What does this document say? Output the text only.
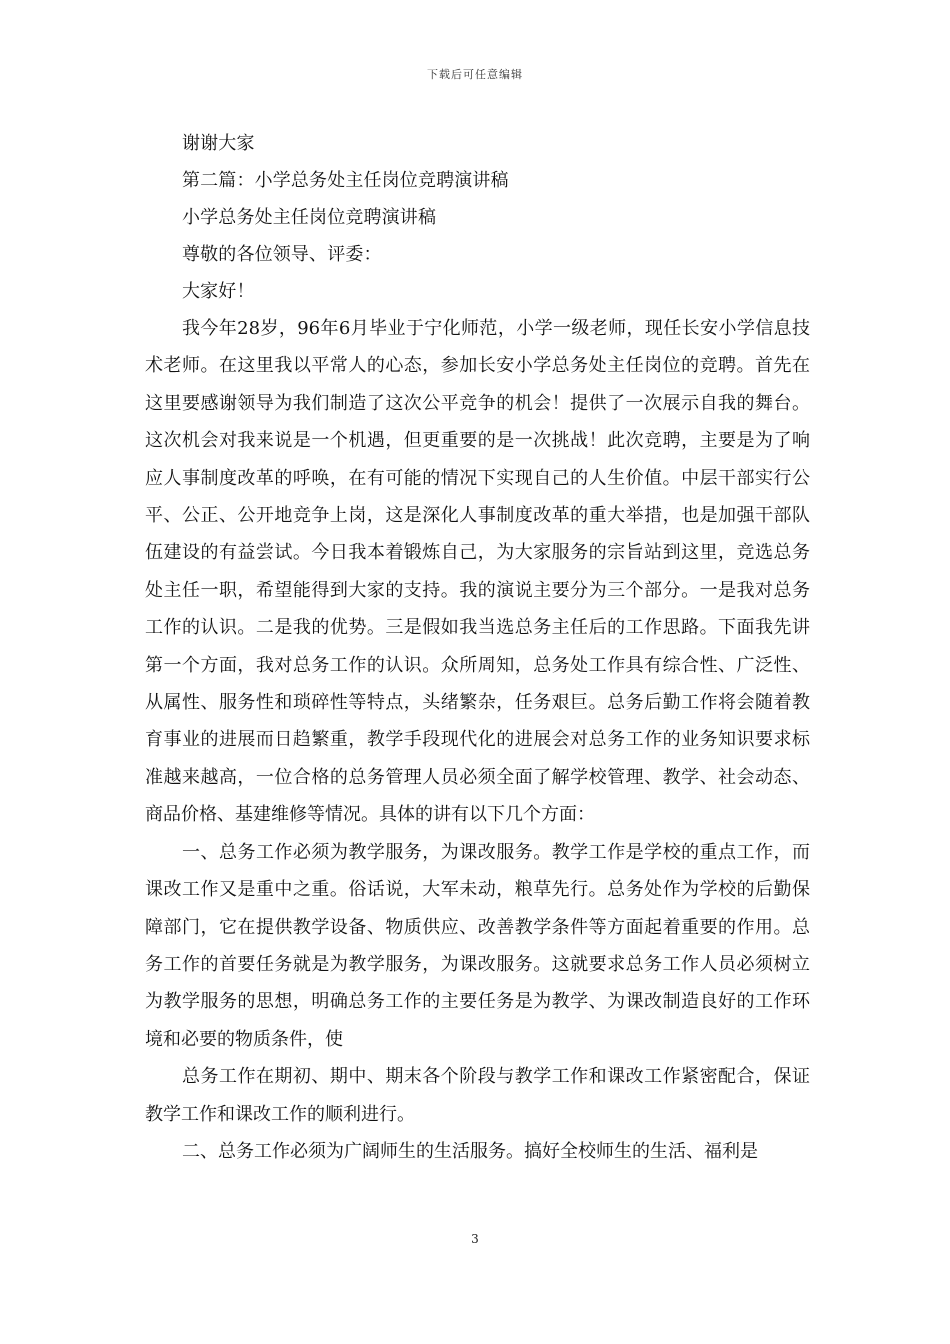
下载后可任意编辑
谢谢大家
第二篇：小学总务处主任岗位竞聘演讲稿
小学总务处主任岗位竞聘演讲稿
尊敬的各位领导、评委：
大家好！

我今年28岁，96年6月毕业于宁化师范，小学一级老师，现任长安小学信息技术老师。在这里我以平常人的心态，参加长安小学总务处主任岗位的竞聘。首先在这里要感谢领导为我们制造了这次公平竞争的机会！提供了一次展示自我的舞台。这次机会对我来说是一个机遇，但更重要的是一次挑战！此次竞聘，主要是为了响应人事制度改革的呼唤，在有可能的情况下实现自己的人生价值。中层干部实行公平、公正、公开地竞争上岗，这是深化人事制度改革的重大举措，也是加强干部队伍建设的有益尝试。今日我本着锻炼自己，为大家服务的宗旨站到这里，竞选总务处主任一职，希望能得到大家的支持。我的演说主要分为三个部分。一是我对总务工作的认识。二是我的优势。三是假如我当选总务主任后的工作思路。下面我先讲第一个方面，我对总务工作的认识。众所周知，总务处工作具有综合性、广泛性、从属性、服务性和琐碎性等特点，头绪繁杂，任务艰巨。总务后勤工作将会随着教育事业的进展而日趋繁重，教学手段现代化的进展会对总务工作的业务知识要求标准越来越高，一位合格的总务管理人员必须全面了解学校管理、教学、社会动态、商品价格、基建维修等情况。具体的讲有以下几个方面：

一、总务工作必须为教学服务，为课改服务。教学工作是学校的重点工作，而课改工作又是重中之重。俗话说，大军未动，粮草先行。总务处作为学校的后勤保障部门，它在提供教学设备、物质供应、改善教学条件等方面起着重要的作用。总务工作的首要任务就是为教学服务，为课改服务。这就要求总务工作人员必须树立为教学服务的思想，明确总务工作的主要任务是为教学、为课改制造良好的工作环境和必要的物质条件，使

总务工作在期初、期中、期末各个阶段与教学工作和课改工作紧密配合，保证教学工作和课改工作的顺利进行。

二、总务工作必须为广阔师生的生活服务。搞好全校师生的生活、福利是

3
